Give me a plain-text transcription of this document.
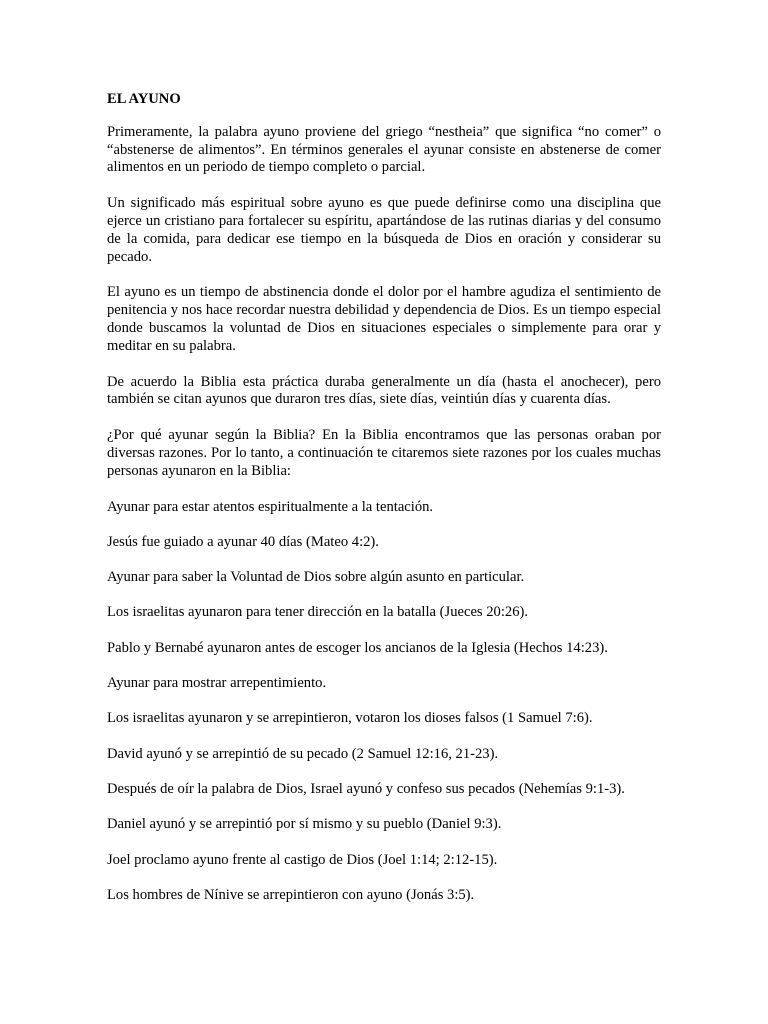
EL AYUNO

Primeramente, la palabra ayuno proviene del griego “nestheia” que significa “no comer” o “abstenerse de alimentos”. En términos generales el ayunar consiste en abstenerse de comer alimentos en un periodo de tiempo completo o parcial.

Un significado más espiritual sobre ayuno es que puede definirse como una disciplina que ejerce un cristiano para fortalecer su espíritu, apartándose de las rutinas diarias y del consumo de la comida, para dedicar ese tiempo en la búsqueda de Dios en oración y considerar su pecado.

El ayuno es un tiempo de abstinencia donde el dolor por el hambre agudiza el sentimiento de penitencia y nos hace recordar nuestra debilidad y dependencia de Dios. Es un tiempo especial donde buscamos la voluntad de Dios en situaciones especiales o simplemente para orar y meditar en su palabra.

De acuerdo la Biblia esta práctica duraba generalmente un día (hasta el anochecer), pero también se citan ayunos que duraron tres días, siete días, veintiún días y cuarenta días.

¿Por qué ayunar según la Biblia? En la Biblia encontramos que las personas oraban por diversas razones. Por lo tanto, a continuación te citaremos siete razones por los cuales muchas personas ayunaron en la Biblia:

Ayunar para estar atentos espiritualmente a la tentación.

Jesús fue guiado a ayunar 40 días (Mateo 4:2).

Ayunar para saber la Voluntad de Dios sobre algún asunto en particular.

Los israelitas ayunaron para tener dirección en la batalla (Jueces 20:26).

Pablo y Bernabé ayunaron antes de escoger los ancianos de la Iglesia (Hechos 14:23).

Ayunar para mostrar arrepentimiento.

Los israelitas ayunaron y se arrepintieron, votaron los dioses falsos (1 Samuel 7:6).

David ayunó y se arrepintió de su pecado (2 Samuel 12:16, 21-23).

Después de oír la palabra de Dios, Israel ayunó y confeso sus pecados (Nehemías 9:1-3).

Daniel ayunó y se arrepintió por sí mismo y su pueblo (Daniel 9:3).

Joel proclamo ayuno frente al castigo de Dios (Joel 1:14; 2:12-15).

Los hombres de Nínive se arrepintieron con ayuno (Jonás 3:5).
